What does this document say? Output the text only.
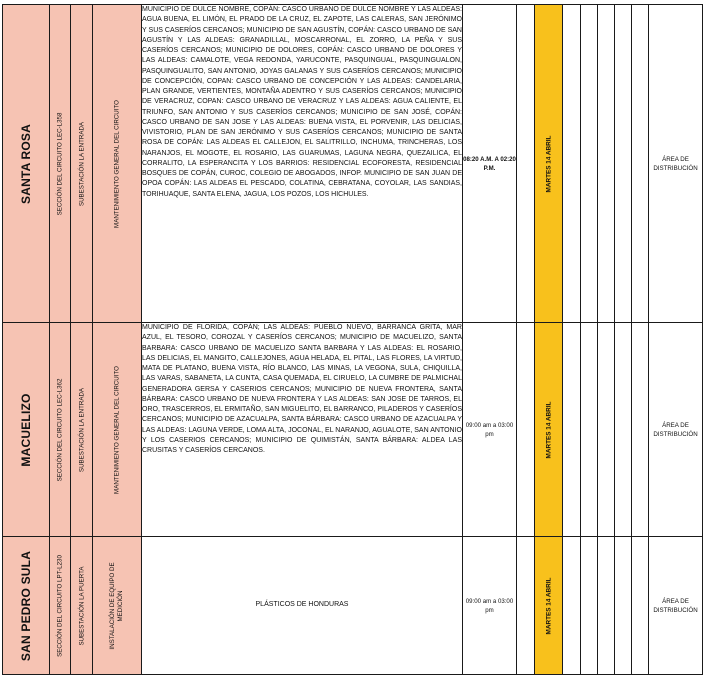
SANTA ROSA	SECCIÓN DEL CIRCUITO LEC-L358	SUBESTACIÓN LA ENTRADA	MANTENIMIENTO GENERAL DEL CIRCUITO	MUNICIPIO DE DULCE NOMBRE, COPÁN: CASCO URBANO DE DULCE NOMBRE Y LAS ALDEAS: AGUA BUENA, EL LIMÓN, EL PRADO DE LA CRUZ, EL ZAPOTE, LAS CALERAS, SAN JERÓNIMO Y SUS CASERÍOS CERCANOS; MUNICIPIO DE SAN AGUSTÍN, COPÁN: CASCO URBANO DE SAN AGUSTÍN Y LAS ALDEAS: GRANADILLAL, MOSCARRONAL, EL ZORRO, LA PEÑA Y SUS CASERÍOS CERCANOS; MUNICIPIO DE DOLORES, COPÁN: CASCO URBANO DE DOLORES Y LAS ALDEAS: CAMALOTE, VEGA REDONDA, YARUCONTE, PASQUINGUAL, PASQUINGUALON, PASQUINGUALITO, SAN ANTONIO, JOYAS GALANAS Y SUS CASERÍOS CERCANOS; MUNICIPIO DE CONCEPCIÓN, COPAN: CASCO URBANO DE CONCEPCIÓN Y LAS ALDEAS: CANDELARIA, PLAN GRANDE, VERTIENTES, MONTAÑA ADENTRO Y SUS CASERÍOS CERCANOS; MUNICIPIO DE VERACRUZ, COPAN: CASCO URBANO DE VERACRUZ Y LAS ALDEAS: AGUA CALIENTE, EL TRIUNFO, SAN ANTONIO Y SUS CASERÍOS CERCANOS; MUNICIPIO DE SAN JOSÉ, COPÁN: CASCO URBANO DE SAN JOSE Y LAS ALDEAS: BUENA VISTA, EL PORVENIR, LAS DELICIAS, VIVISTORIO, PLAN DE SAN JERÓNIMO Y SUS CASERÍOS CERCANOS; MUNICIPIO DE SANTA ROSA DE COPÁN: LAS ALDEAS EL CALLEJON, EL SALITRILLO, INCHUMA, TRINCHERAS, LOS NARANJOS, EL MOGOTE, EL ROSARIO, LAS GUARUMAS, LAGUNA NEGRA, QUEZAILICA, EL CORRALITO, LA ESPERANCITA Y LOS BARRIOS: RESIDENCIAL ECOFORESTA, RESIDENCIAL BOSQUES DE COPÁN, CUROC, COLEGIO DE ABOGADOS, INFOP. MUNICIPIO DE SAN JUAN DE OPOA COPÁN: LAS ALDEAS EL PESCADO, COLATINA, CEBRATANA, COYOLAR, LAS SANDIAS, TORIHUAQUE, SANTA ELENA, JAGUA, LOS POZOS, LOS HICHULES.	08:20 A.M. A 02:20 P.M.		MARTES 14 ABRIL						ÁREA DE DISTRIBUCIÓN

MACUELIZO	SECCIÓN DEL CIRCUITO LEC-L362	SUBESTACIÓN LA ENTRADA	MANTENIMIENTO GENERAL DEL CIRCUITO	MUNICIPIO DE FLORIDA, COPÁN; LAS ALDEAS: PUEBLO NUEVO, BARRANCA GRITA, MAR AZUL, EL TESORO, COROZAL Y CASERÍOS CERCANOS; MUNICIPIO DE MACUELIZO, SANTA BARBARA: CASCO URBANO DE MACUELIZO SANTA BARBARA Y LAS ALDEAS: EL ROSARIO, LAS DELICIAS, EL MANGITO, CALLEJONES, AGUA HELADA, EL PITAL, LAS FLORES, LA VIRTUD, MATA DE PLATANO, BUENA VISTA, RÍO BLANCO, LAS MINAS, LA VEGONA, SULA, CHIQUILLA, LAS VARAS, SABANETA, LA CUNTA, CASA QUEMADA, EL CIRUELO, LA CUMBRE DE PALMICHAL GENERADORA GERSA Y CASERIOS CERCANOS; MUNICIPIO DE NUEVA FRONTERA, SANTA BÁRBARA: CASCO URBANO DE NUEVA FRONTERA Y LAS ALDEAS: SAN JOSE DE TARROS, EL ORO, TRASCERROS, EL ERMITAÑO, SAN MIGUELITO, EL BARRANCO, PILADEROS Y CASERÍOS CERCANOS; MUNICIPIO DE AZACUALPA, SANTA BÁRBARA: CASCO URBANO DE AZACUALPA Y LAS ALDEAS: LAGUNA VERDE, LOMA ALTA, JOCONAL, EL NARANJO, AGUALOTE, SAN ANTONIO Y LOS CASERIOS CERCANOS; MUNICIPIO DE QUIMISTÁN, SANTA BÁRBARA: ALDEA LAS CRUSITAS Y CASERÍOS CERCANOS.	09:00 am a 03:00 pm		MARTES 14 ABRIL						ÁREA DE DISTRIBUCIÓN

SAN PEDRO SULA	SECCIÓN DEL CIRCUITO LPT-L230	SUBESTACIÓN LA PUERTA	INSTALACIÓN DE EQUIPO DE MEDICIÓN	PLÁSTICOS DE HONDURAS	09:00 am a 03:00 pm		MARTES 14 ABRIL						ÁREA DE DISTRIBUCIÓN
